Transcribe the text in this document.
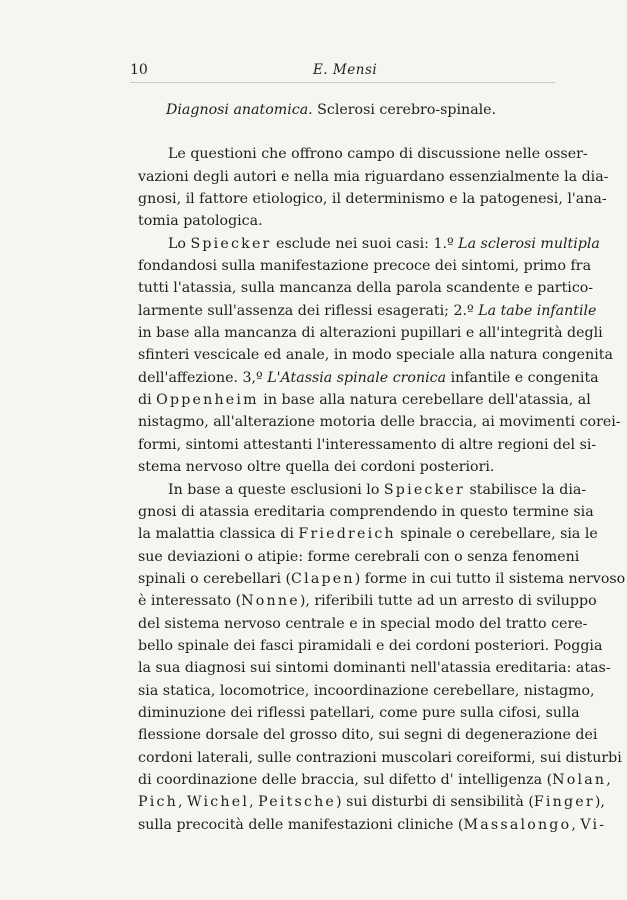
10	E. Mensi
Diagnosi anatomica. Sclerosi cerebro-spinale.
Le questioni che offrono campo di discussione nelle osser-
vazioni degli autori e nella mia riguardano essenzialmente la dia-
gnosi, il fattore etiologico, il determinismo e la patogenesi, l'ana-
tomia patologica.
Lo Spiecker esclude nei suoi casi: 1.º La sclerosi multipla
fondandosi sulla manifestazione precoce dei sintomi, primo fra
tutti l'atassia, sulla mancanza della parola scandente e partico-
larmente sull'assenza dei riflessi esagerati; 2.º La tabe infantile
in base alla mancanza di alterazioni pupillari e all'integrità degli
sfinteri vescicale ed anale, in modo speciale alla natura congenita
dell'affezione. 3,º L'Atassia spinale cronica infantile e congenita
di Oppenheim in base alla natura cerebellare dell'atassia, al
nistagmo, all'alterazione motoria delle braccia, ai movimenti corei-
formi, sintomi attestanti l'interessamento di altre regioni del si-
stema nervoso oltre quella dei cordoni posteriori.
In base a queste esclusioni lo Spiecker stabilisce la dia-
gnosi di atassia ereditaria comprendendo in questo termine sia
la malattia classica di Friedreich spinale o cerebellare, sia le
sue deviazioni o atipie: forme cerebrali con o senza fenomeni
spinali o cerebellari (Clapen) forme in cui tutto il sistema nervoso
è interessato (Nonne), riferibili tutte ad un arresto di sviluppo
del sistema nervoso centrale e in special modo del tratto cere-
bello spinale dei fasci piramidali e dei cordoni posteriori. Poggia
la sua diagnosi sui sintomi dominanti nell'atassia ereditaria: atas-
sia statica, locomotrice, incoordinazione cerebellare, nistagmo,
diminuzione dei riflessi patellari, come pure sulla cifosi, sulla
flessione dorsale del grosso dito, sui segni di degenerazione dei
cordoni laterali, sulle contrazioni muscolari coreiformi, sui disturbi
di coordinazione delle braccia, sul difetto d' intelligenza (Nolan,
Pich, Wichel, Peitsche) sui disturbi di sensibilità (Finger),
sulla precocità delle manifestazioni cliniche (Massalongo, Vi-
